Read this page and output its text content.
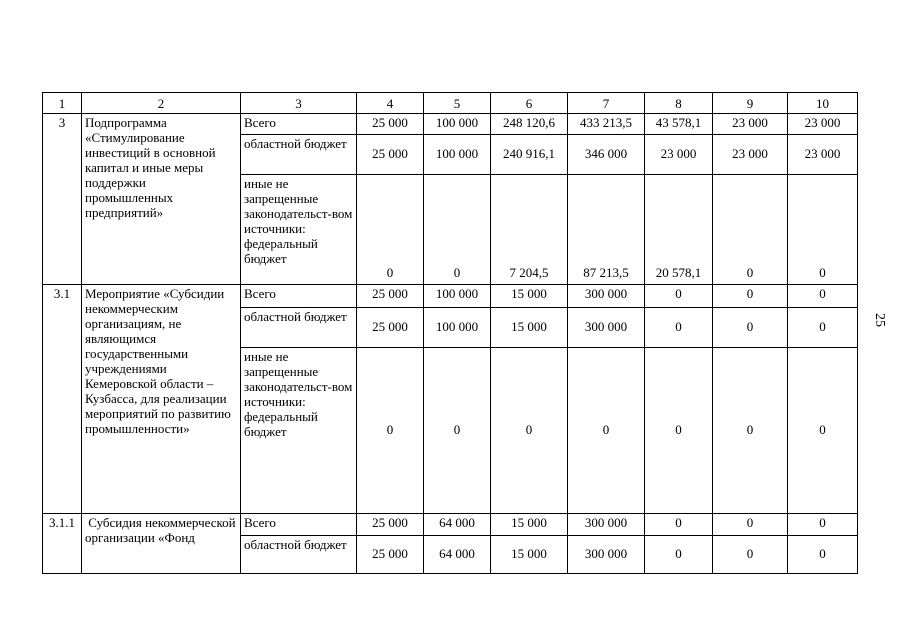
1	2	3	4	5	6	7	8	9	10
3	Подпрограмма «Стимулирование инвестиций в основной капитал и иные меры поддержки промышленных предприятий»	Всего	25 000	100 000	248 120,6	433 213,5	43 578,1	23 000	23 000
		областной бюджет	25 000	100 000	240 916,1	346 000	23 000	23 000	23 000
		иные не запрещенные законодательст-вом источники: федеральный бюджет	0	0	7 204,5	87 213,5	20 578,1	0	0
3.1	Мероприятие «Субсидии некоммерческим организациям, не являющимся государственными учреждениями Кемеровской области – Кузбасса, для реализации мероприятий по развитию промышленности»	Всего	25 000	100 000	15 000	300 000	0	0	0
		областной бюджет	25 000	100 000	15 000	300 000	0	0	0
		иные не запрещенные законодательст-вом источники: федеральный бюджет	0	0	0	0	0	0	0
3.1.1	Субсидия некоммерческой организации «Фонд	Всего	25 000	64 000	15 000	300 000	0	0	0
		областной бюджет	25 000	64 000	15 000	300 000	0	0	0
25
